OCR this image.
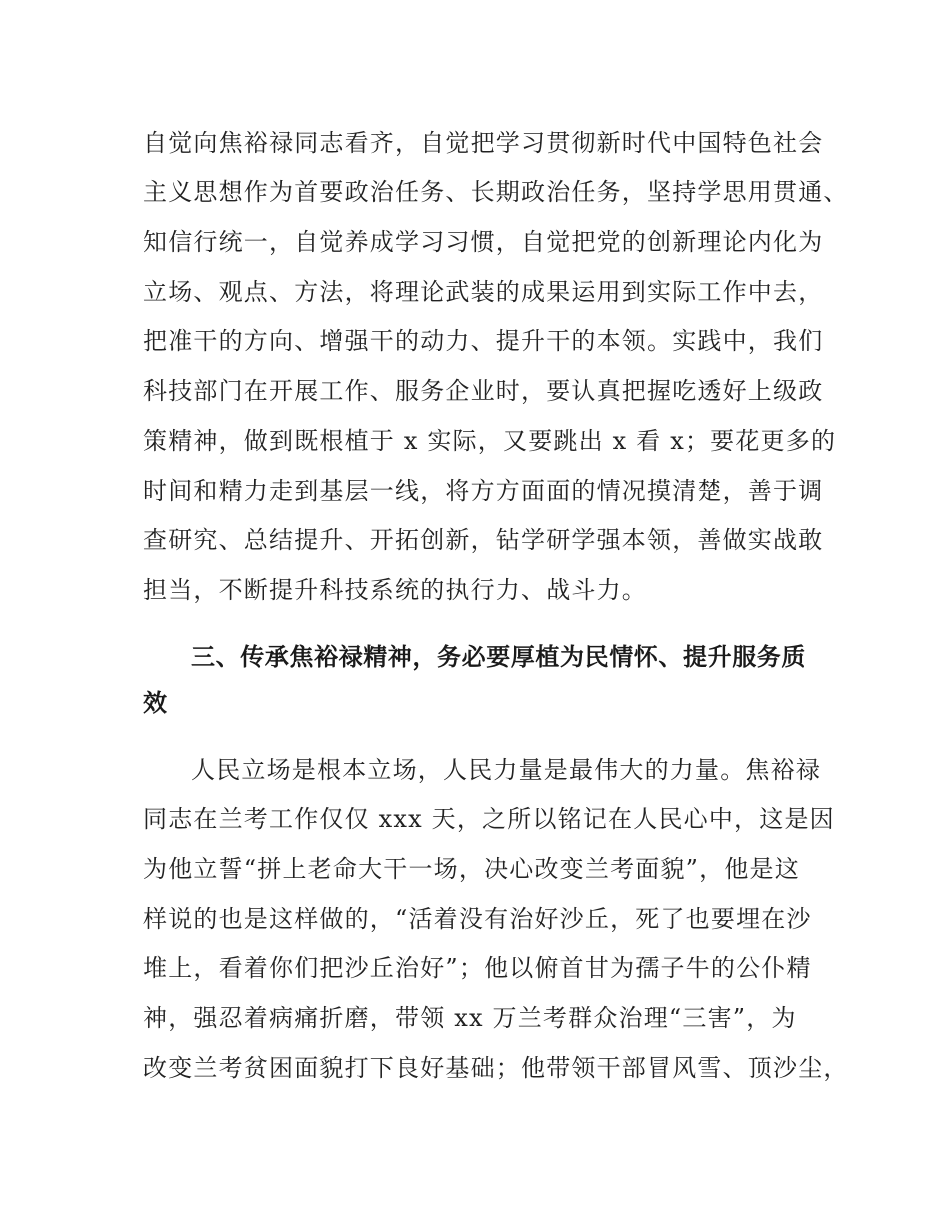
自觉向焦裕禄同志看齐，自觉把学习贯彻新时代中国特色社会
主义思想作为首要政治任务、长期政治任务，坚持学思用贯通、
知信行统一，自觉养成学习习惯，自觉把党的创新理论内化为
立场、观点、方法，将理论武装的成果运用到实际工作中去，
把准干的方向、增强干的动力、提升干的本领。实践中，我们
科技部门在开展工作、服务企业时，要认真把握吃透好上级政
策精神，做到既根植于 x 实际，又要跳出 x 看 x；要花更多的
时间和精力走到基层一线，将方方面面的情况摸清楚，善于调
查研究、总结提升、开拓创新，钻学研学强本领，善做实战敢
担当，不断提升科技系统的执行力、战斗力。
三、传承焦裕禄精神，务必要厚植为民情怀、提升服务质
效
人民立场是根本立场，人民力量是最伟大的力量。焦裕禄
同志在兰考工作仅仅 xxx 天，之所以铭记在人民心中，这是因
为他立誓“拼上老命大干一场，决心改变兰考面貌”，他是这
样说的也是这样做的，“活着没有治好沙丘，死了也要埋在沙
堆上，看着你们把沙丘治好”；他以俯首甘为孺子牛的公仆精
神，强忍着病痛折磨，带领 xx 万兰考群众治理“三害”，为
改变兰考贫困面貌打下良好基础；他带领干部冒风雪、顶沙尘，
